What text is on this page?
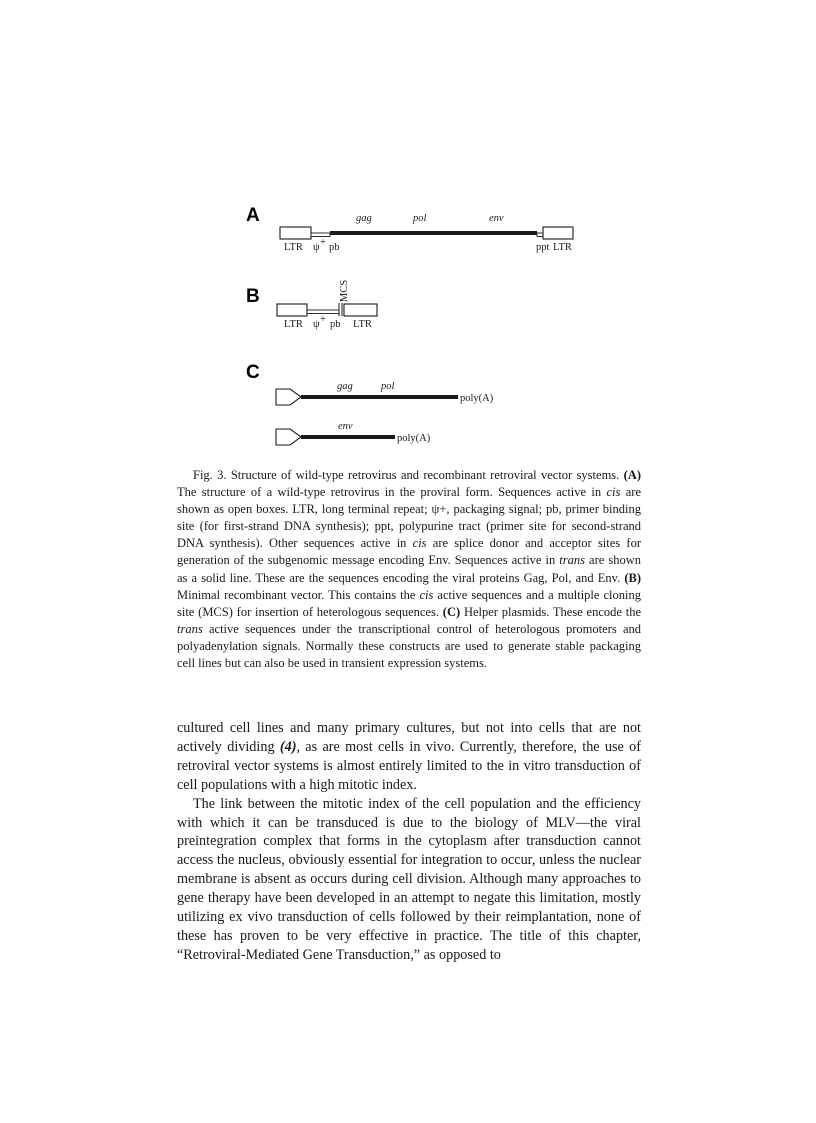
A	gag	pol	env
LTR ψ + pb	ppt LTR
B	MCS
LTR ψ + pb LTR
C
gag	pol
poly(A)
env
poly(A)

Fig. 3. Structure of wild-type retrovirus and recombinant retroviral vector systems. (A) The structure of a wild-type retrovirus in the proviral form. Sequences active in cis are shown as open boxes. LTR, long terminal repeat; ψ+, packaging signal; pb, primer binding site (for first-strand DNA synthesis); ppt, polypurine tract (primer site for second-strand DNA synthesis). Other sequences active in cis are splice donor and acceptor sites for generation of the subgenomic message encoding Env. Sequences active in trans are shown as a solid line. These are the sequences encoding the viral proteins Gag, Pol, and Env. (B) Minimal recombinant vector. This contains the cis active sequences and a multiple cloning site (MCS) for insertion of heterologous sequences. (C) Helper plasmids. These encode the trans active sequences under the transcriptional control of heterologous promoters and polyadenylation signals. Normally these constructs are used to generate stable packaging cell lines but can also be used in transient expression systems.

cultured cell lines and many primary cultures, but not into cells that are not actively dividing (4), as are most cells in vivo. Currently, therefore, the use of retroviral vector systems is almost entirely limited to the in vitro transduction of cell populations with a high mitotic index.

The link between the mitotic index of the cell population and the efficiency with which it can be transduced is due to the biology of MLV—the viral preintegration complex that forms in the cytoplasm after transduction cannot access the nucleus, obviously essential for integration to occur, unless the nuclear membrane is absent as occurs during cell division. Although many approaches to gene therapy have been developed in an attempt to negate this limitation, mostly utilizing ex vivo transduction of cells followed by their reimplantation, none of these has proven to be very effective in practice. The title of this chapter, “Retroviral-Mediated Gene Transduction,” as opposed to
